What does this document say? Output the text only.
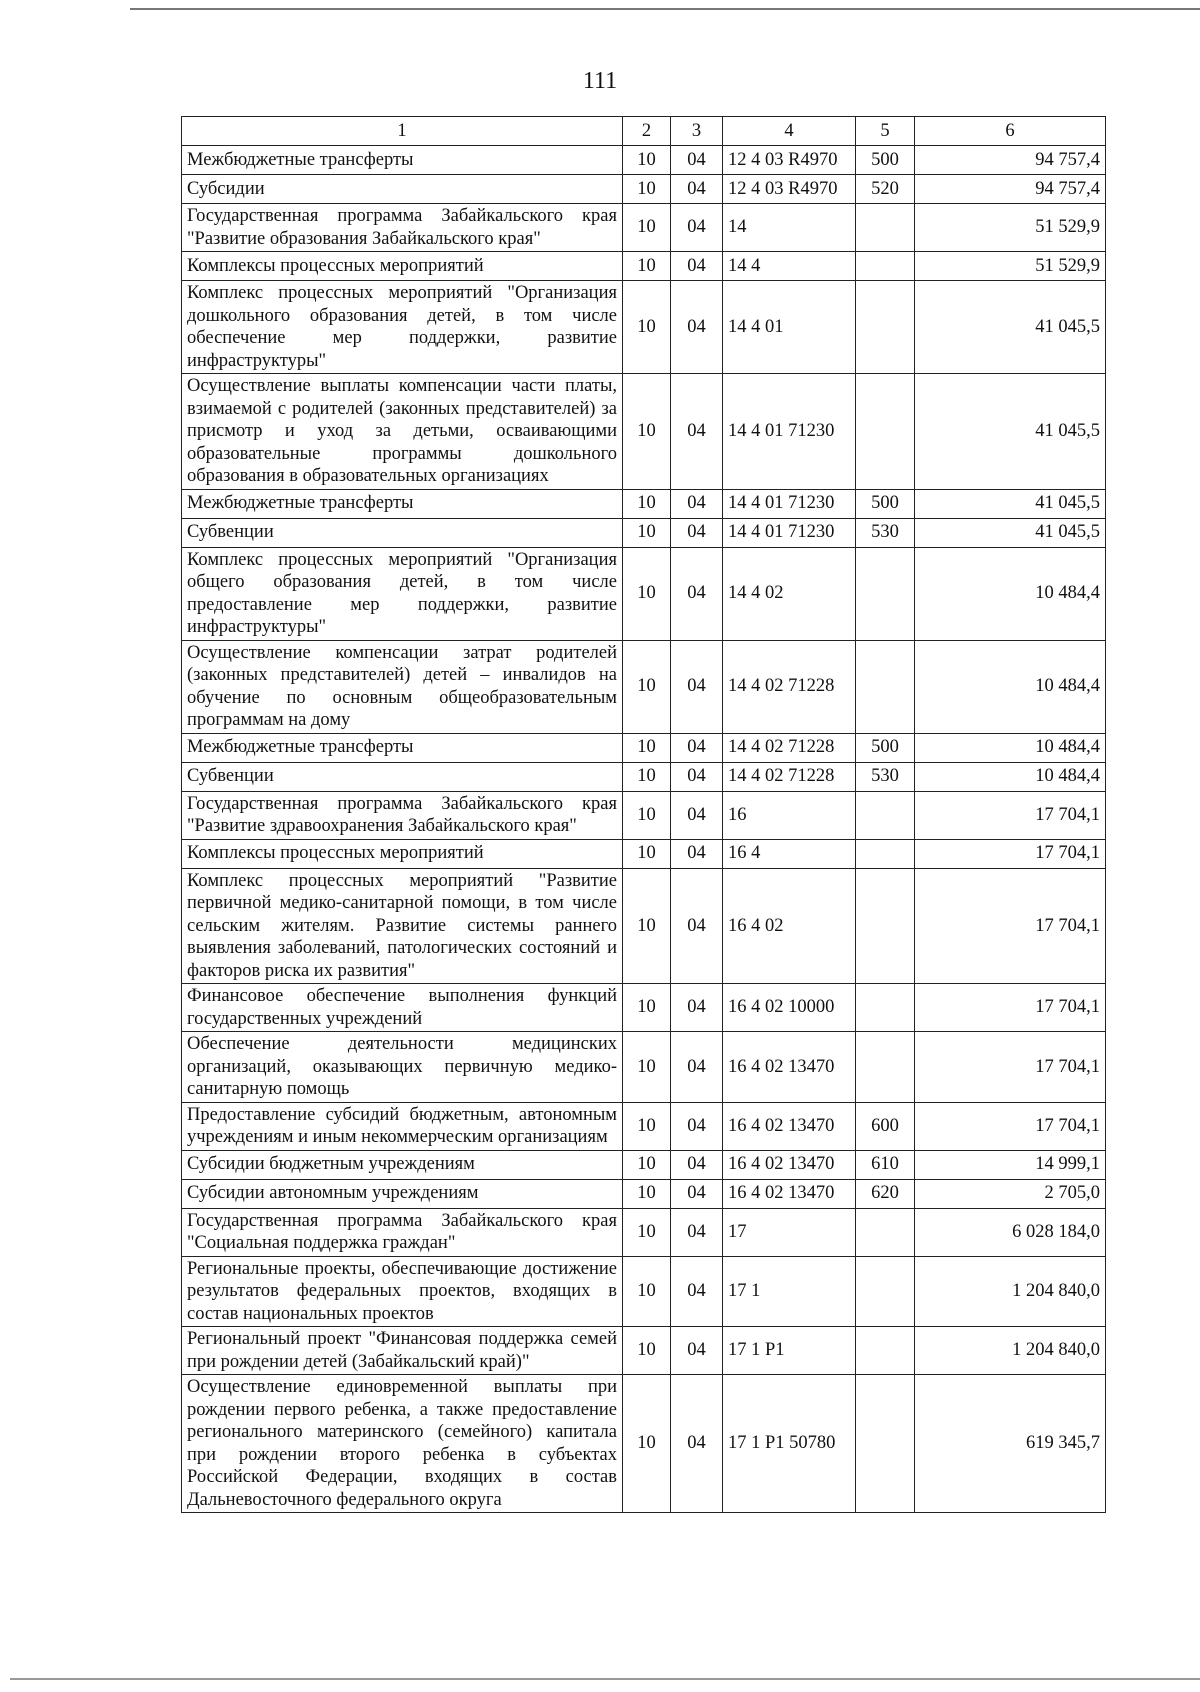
111
1	2	3	4	5	6
Межбюджетные трансферты	10	04	12 4 03 R4970	500	94 757,4
Субсидии	10	04	12 4 03 R4970	520	94 757,4
Государственная программа Забайкальского края "Развитие образования Забайкальского края"	10	04	14		51 529,9
Комплексы процессных мероприятий	10	04	14 4		51 529,9
Комплекс процессных мероприятий "Организация дошкольного образования детей, в том числе обеспечение мер поддержки, развитие инфраструктуры"	10	04	14 4 01		41 045,5
Осуществление выплаты компенсации части платы, взимаемой с родителей (законных представителей) за присмотр и уход за детьми, осваивающими образовательные программы дошкольного образования в образовательных организациях	10	04	14 4 01 71230		41 045,5
Межбюджетные трансферты	10	04	14 4 01 71230	500	41 045,5
Субвенции	10	04	14 4 01 71230	530	41 045,5
Комплекс процессных мероприятий "Организация общего образования детей, в том числе предоставление мер поддержки, развитие инфраструктуры"	10	04	14 4 02		10 484,4
Осуществление компенсации затрат родителей (законных представителей) детей – инвалидов на обучение по основным общеобразовательным программам на дому	10	04	14 4 02 71228		10 484,4
Межбюджетные трансферты	10	04	14 4 02 71228	500	10 484,4
Субвенции	10	04	14 4 02 71228	530	10 484,4
Государственная программа Забайкальского края "Развитие здравоохранения Забайкальского края"	10	04	16		17 704,1
Комплексы процессных мероприятий	10	04	16 4		17 704,1
Комплекс процессных мероприятий "Развитие первичной медико-санитарной помощи, в том числе сельским жителям. Развитие системы раннего выявления заболеваний, патологических состояний и факторов риска их развития"	10	04	16 4 02		17 704,1
Финансовое обеспечение выполнения функций государственных учреждений	10	04	16 4 02 10000		17 704,1
Обеспечение деятельности медицинских организаций, оказывающих первичную медико-санитарную помощь	10	04	16 4 02 13470		17 704,1
Предоставление субсидий бюджетным, автономным учреждениям и иным некоммерческим организациям	10	04	16 4 02 13470	600	17 704,1
Субсидии бюджетным учреждениям	10	04	16 4 02 13470	610	14 999,1
Субсидии автономным учреждениям	10	04	16 4 02 13470	620	2 705,0
Государственная программа Забайкальского края "Социальная поддержка граждан"	10	04	17		6 028 184,0
Региональные проекты, обеспечивающие достижение результатов федеральных проектов, входящих в состав национальных проектов	10	04	17 1		1 204 840,0
Региональный проект "Финансовая поддержка семей при рождении детей (Забайкальский край)"	10	04	17 1 P1		1 204 840,0
Осуществление единовременной выплаты при рождении первого ребенка, а также предоставление регионального материнского (семейного) капитала при рождении второго ребенка в субъектах Российской Федерации, входящих в состав Дальневосточного федерального округа	10	04	17 1 P1 50780		619 345,7
